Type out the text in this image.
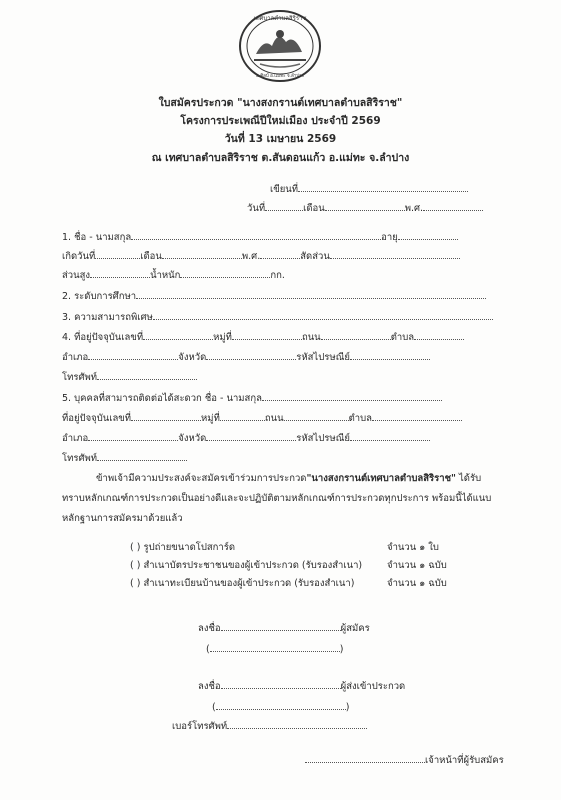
เทศบาลตำบลสิริราช
อ.ศิลป์ อ.แม่ทะ จ.ลำปาง
ใบสมัครประกวด "นางสงกรานต์เทศบาลตำบลสิริราช"
โครงการประเพณีปีใหม่เมือง ประจำปี 2569
วันที่ 13 เมษายน 2569
ณ เทศบาลตำบลสิริราช ต.สันดอนแก้ว อ.แม่ทะ จ.ลำปาง
เขียนที่
วันที่	เดือน	พ.ศ.
1. ชื่อ - นามสกุล	อายุ
เกิดวันที่	เดือน	พ.ศ.	สัดส่วน
ส่วนสูง	น้ำหนัก	กก.
2. ระดับการศึกษา
3. ความสามารถพิเศษ
4. ที่อยู่ปัจจุบันเลขที่	หมู่ที่	ถนน	ตำบล
อำเภอ	จังหวัด	รหัสไปรษณีย์
โทรศัพท์
5. บุคคลที่สามารถติดต่อได้สะดวก ชื่อ - นามสกุล
ที่อยู่ปัจจุบันเลขที่	หมู่ที่	ถนน	ตำบล
อำเภอ	จังหวัด	รหัสไปรษณีย์
โทรศัพท์
ข้าพเจ้ามีความประสงค์จะสมัครเข้าร่วมการประกวด"นางสงกรานต์เทศบาลตำบลสิริราช" ได้รับ
ทราบหลักเกณฑ์การประกวดเป็นอย่างดีและจะปฏิบัติตามหลักเกณฑ์การประกวดทุกประการ พร้อมนี้ได้แนบ
หลักฐานการสมัครมาด้วยแล้ว
( ) รูปถ่ายขนาดโปสการ์ด	จำนวน ๑ ใบ
( ) สำเนาบัตรประชาชนของผู้เข้าประกวด (รับรองสำเนา)	จำนวน ๑ ฉบับ
( ) สำเนาทะเบียนบ้านของผู้เข้าประกวด (รับรองสำเนา)	จำนวน ๑ ฉบับ
ลงชื่อ	ผู้สมัคร
(	)
ลงชื่อ	ผู้ส่งเข้าประกวด
(	)
เบอร์โทรศัพท์
เจ้าหน้าที่ผู้รับสมัคร
